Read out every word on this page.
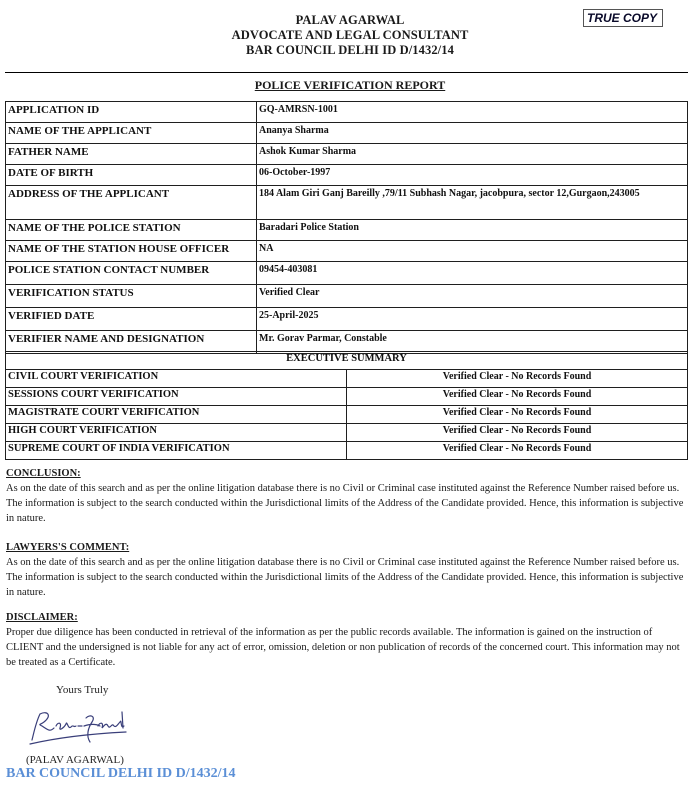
PALAV AGARWAL
ADVOCATE AND LEGAL CONSULTANT
BAR COUNCIL DELHI ID D/1432/14
TRUE COPY
POLICE VERIFICATION REPORT
APPLICATION ID	GQ-AMRSN-1001
NAME OF THE APPLICANT	Ananya Sharma
FATHER NAME	Ashok Kumar Sharma
DATE OF BIRTH	06-October-1997
ADDRESS OF THE APPLICANT	184 Alam Giri Ganj Bareilly ,79/11 Subhash Nagar, jacobpura, sector 12,Gurgaon,243005
NAME OF THE POLICE STATION	Baradari Police Station
NAME OF THE STATION HOUSE OFFICER	NA
POLICE STATION CONTACT NUMBER	09454-403081
VERIFICATION STATUS	Verified Clear
VERIFIED DATE	25-April-2025
VERIFIER NAME AND DESIGNATION	Mr. Gorav Parmar, Constable
EXECUTIVE SUMMARY	
CIVIL COURT VERIFICATION	Verified Clear - No Records Found
SESSIONS COURT VERIFICATION	Verified Clear - No Records Found
MAGISTRATE COURT VERIFICATION	Verified Clear - No Records Found
HIGH COURT VERIFICATION	Verified Clear - No Records Found
SUPREME COURT OF INDIA VERIFICATION	Verified Clear - No Records Found
CONCLUSION:
As on the date of this search and as per the online litigation database there is no Civil or Criminal case instituted against the Reference Number raised before us. The information is subject to the search conducted within the Jurisdictional limits of the Address of the Candidate provided. Hence, this information is subjective in nature.
LAWYERS'S COMMENT:
As on the date of this search and as per the online litigation database there is no Civil or Criminal case instituted against the Reference Number raised before us. The information is subject to the search conducted within the Jurisdictional limits of the Address of the Candidate provided. Hence, this information is subjective in nature.
DISCLAIMER:
Proper due diligence has been conducted in retrieval of the information as per the public records available. The information is gained on the instruction of CLIENT and the undersigned is not liable for any act of error, omission, deletion or non publication of records of the concerned court. This information may not be treated as a Certificate.
Yours Truly
(PALAV AGARWAL)
BAR COUNCIL DELHI ID D/1432/14
